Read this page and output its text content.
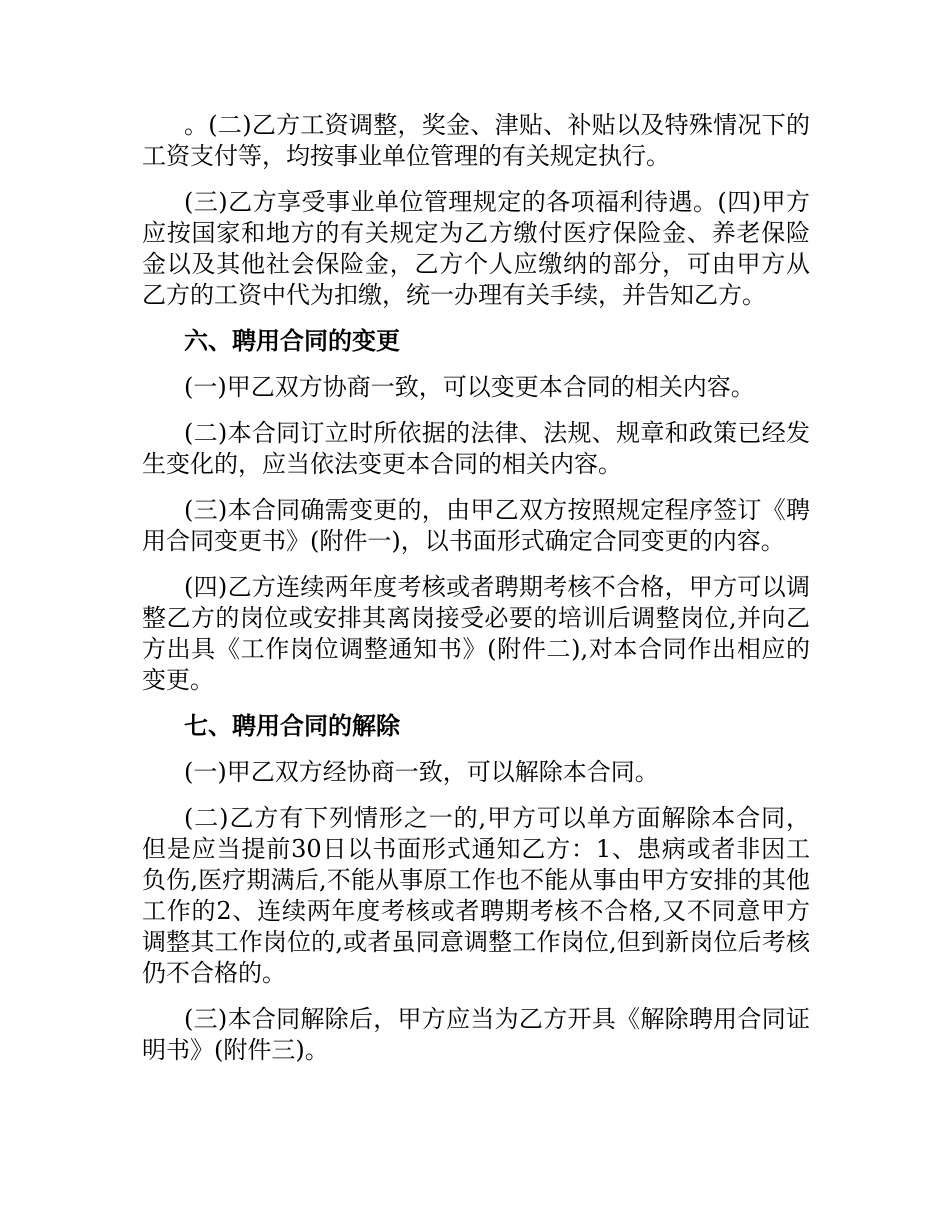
。(二)乙方工资调整，奖金、津贴、补贴以及特殊情况下的工资支付等，均按事业单位管理的有关规定执行。

(三)乙方享受事业单位管理规定的各项福利待遇。(四)甲方应按国家和地方的有关规定为乙方缴付医疗保险金、养老保险金以及其他社会保险金，乙方个人应缴纳的部分，可由甲方从乙方的工资中代为扣缴，统一办理有关手续，并告知乙方。

六、聘用合同的变更

(一)甲乙双方协商一致，可以变更本合同的相关内容。

(二)本合同订立时所依据的法律、法规、规章和政策已经发生变化的，应当依法变更本合同的相关内容。

(三)本合同确需变更的，由甲乙双方按照规定程序签订《聘用合同变更书》(附件一)，以书面形式确定合同变更的内容。

(四)乙方连续两年度考核或者聘期考核不合格，甲方可以调整乙方的岗位或安排其离岗接受必要的培训后调整岗位,并向乙方出具《工作岗位调整通知书》(附件二),对本合同作出相应的变更。

七、聘用合同的解除

(一)甲乙双方经协商一致，可以解除本合同。

(二)乙方有下列情形之一的,甲方可以单方面解除本合同，但是应当提前30日以书面形式通知乙方：1、患病或者非因工负伤,医疗期满后,不能从事原工作也不能从事由甲方安排的其他工作的2、连续两年度考核或者聘期考核不合格,又不同意甲方调整其工作岗位的,或者虽同意调整工作岗位,但到新岗位后考核仍不合格的。

(三)本合同解除后，甲方应当为乙方开具《解除聘用合同证明书》(附件三)。
